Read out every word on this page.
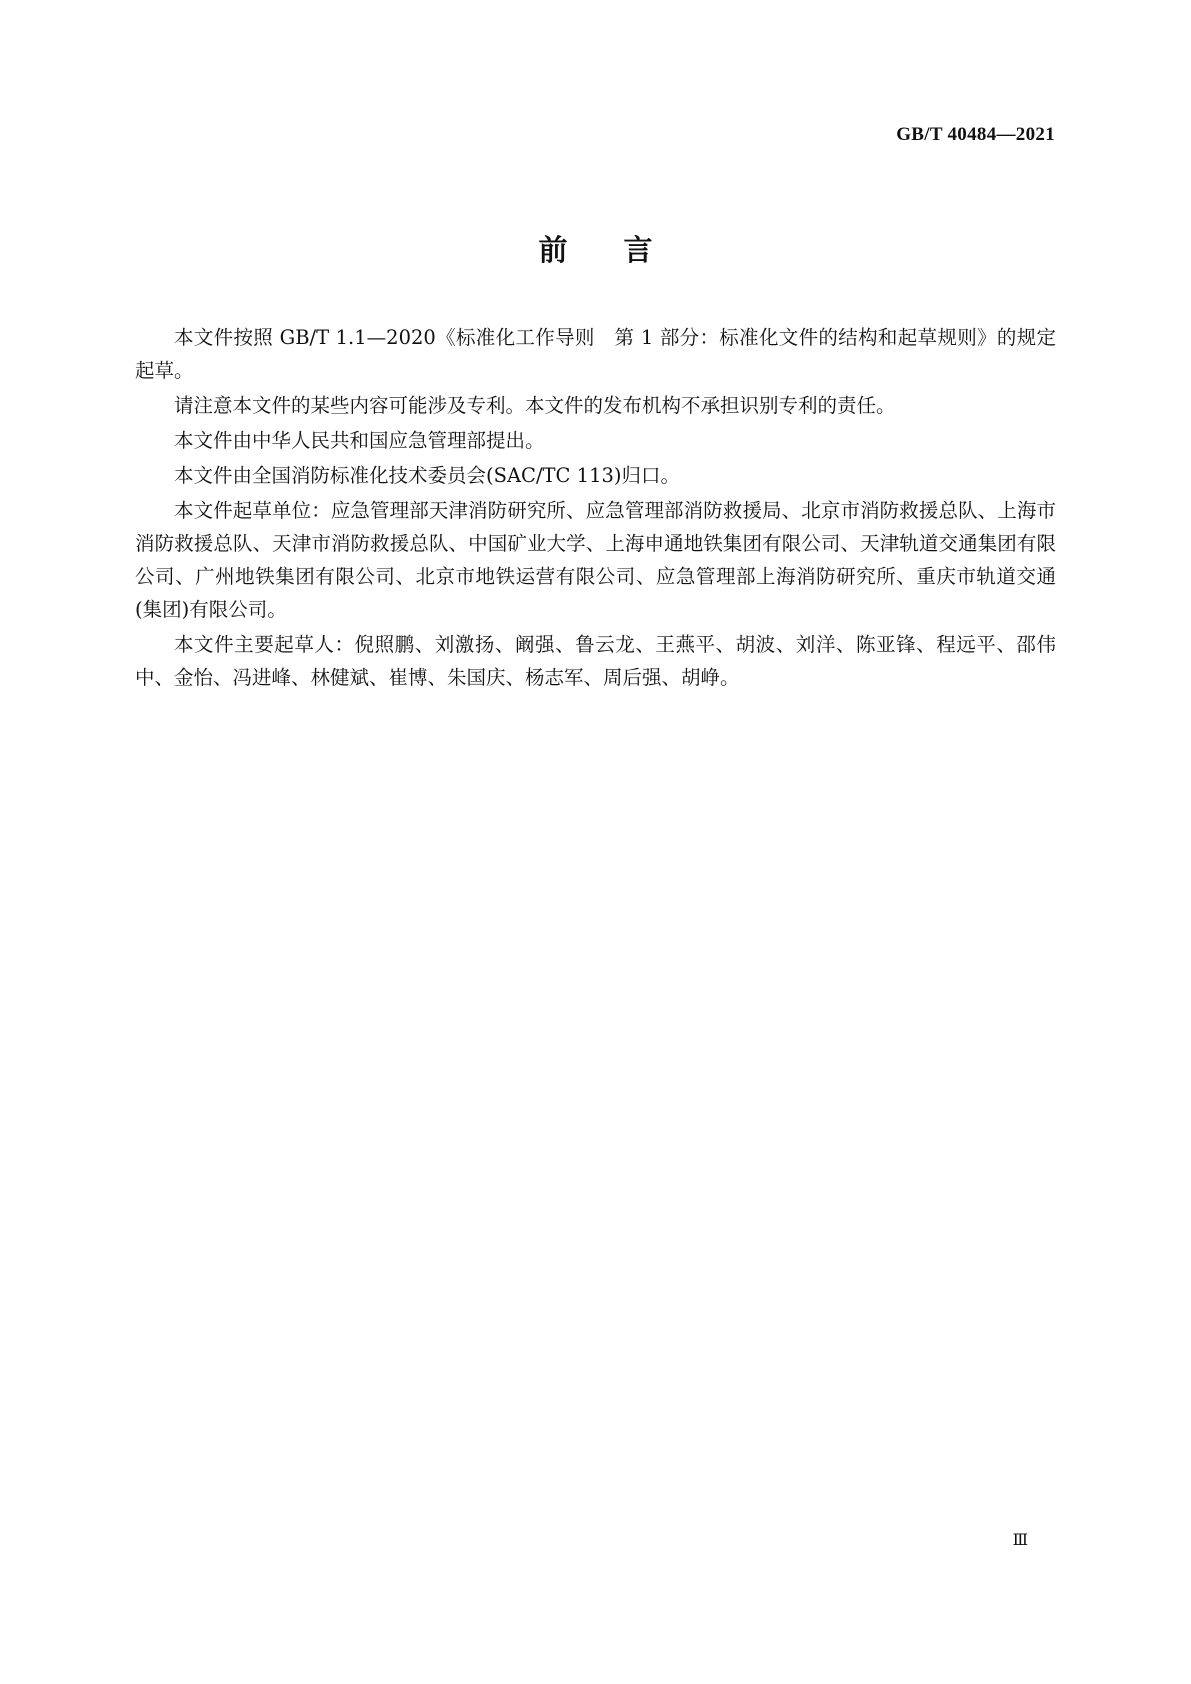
GB/T 40484—2021
前言

本文件按照 GB/T 1.1—2020《标准化工作导则　第 1 部分：标准化文件的结构和起草规则》的规定起草。

请注意本文件的某些内容可能涉及专利。本文件的发布机构不承担识别专利的责任。

本文件由中华人民共和国应急管理部提出。

本文件由全国消防标准化技术委员会(SAC/TC 113)归口。

本文件起草单位：应急管理部天津消防研究所、应急管理部消防救援局、北京市消防救援总队、上海市消防救援总队、天津市消防救援总队、中国矿业大学、上海申通地铁集团有限公司、天津轨道交通集团有限公司、广州地铁集团有限公司、北京市地铁运营有限公司、应急管理部上海消防研究所、重庆市轨道交通(集团)有限公司。

本文件主要起草人：倪照鹏、刘激扬、阚强、鲁云龙、王燕平、胡波、刘洋、陈亚锋、程远平、邵伟中、金怡、冯进峰、林健斌、崔博、朱国庆、杨志军、周后强、胡峥。

Ⅲ
